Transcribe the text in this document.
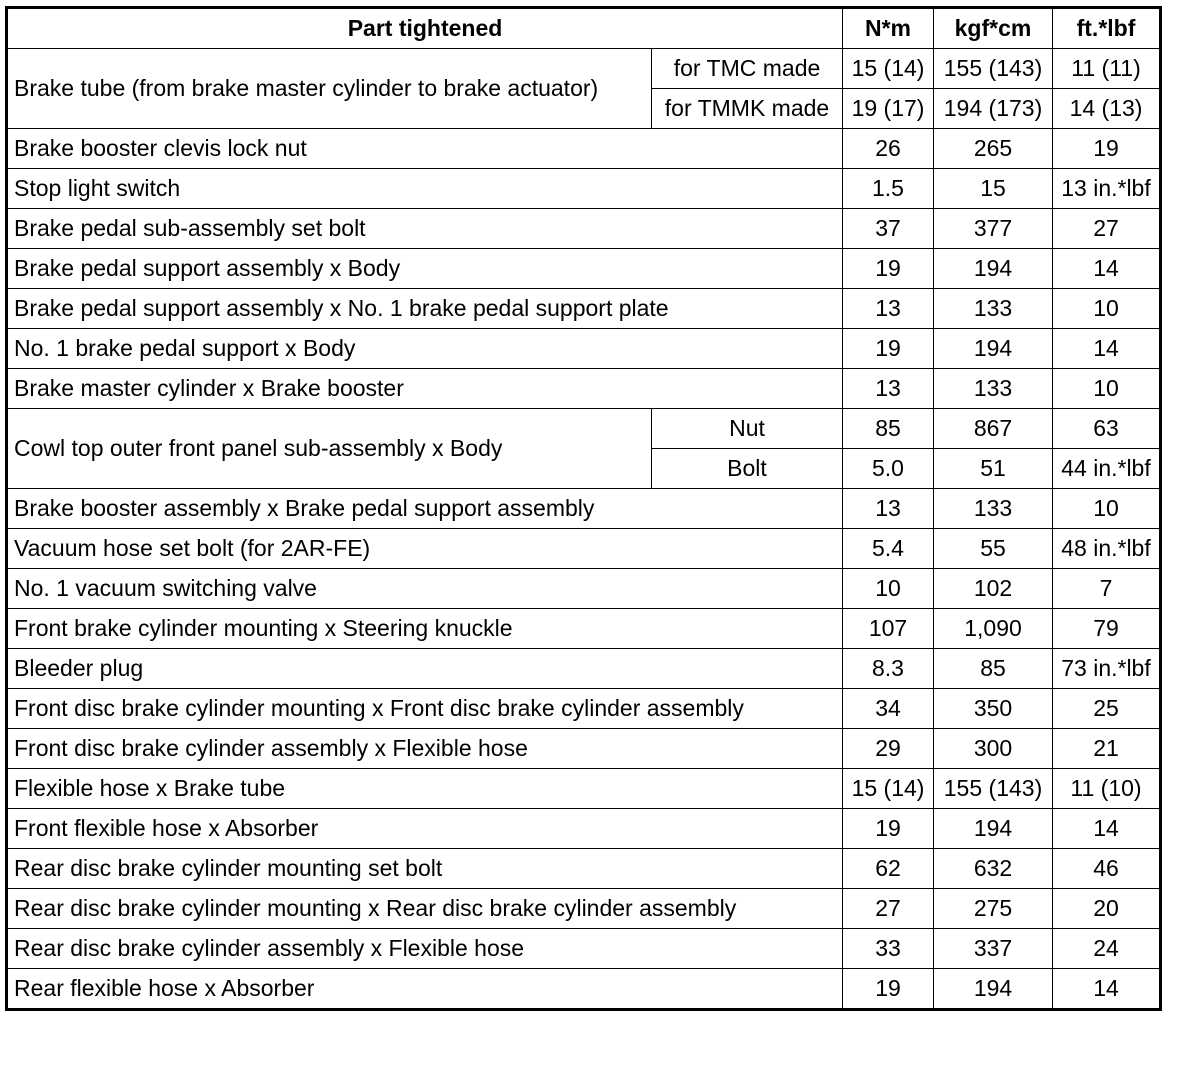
Part tightened		N*m	kgf*cm	ft.*lbf
Brake tube (from brake master cylinder to brake actuator)	for TMC made	15 (14)	155 (143)	11 (11)
	for TMMK made	19 (17)	194 (173)	14 (13)
Brake booster clevis lock nut		26	265	19
Stop light switch		1.5	15	13 in.*lbf
Brake pedal sub-assembly set bolt		37	377	27
Brake pedal support assembly x Body		19	194	14
Brake pedal support assembly x No. 1 brake pedal support plate		13	133	10
No. 1 brake pedal support x Body		19	194	14
Brake master cylinder x Brake booster		13	133	10
Cowl top outer front panel sub-assembly x Body	Nut	85	867	63
	Bolt	5.0	51	44 in.*lbf
Brake booster assembly x Brake pedal support assembly		13	133	10
Vacuum hose set bolt (for 2AR-FE)		5.4	55	48 in.*lbf
No. 1 vacuum switching valve		10	102	7
Front brake cylinder mounting x Steering knuckle		107	1,090	79
Bleeder plug		8.3	85	73 in.*lbf
Front disc brake cylinder mounting x Front disc brake cylinder assembly		34	350	25
Front disc brake cylinder assembly x Flexible hose		29	300	21
Flexible hose x Brake tube		15 (14)	155 (143)	11 (10)
Front flexible hose x Absorber		19	194	14
Rear disc brake cylinder mounting set bolt		62	632	46
Rear disc brake cylinder mounting x Rear disc brake cylinder assembly		27	275	20
Rear disc brake cylinder assembly x Flexible hose		33	337	24
Rear flexible hose x Absorber		19	194	14
